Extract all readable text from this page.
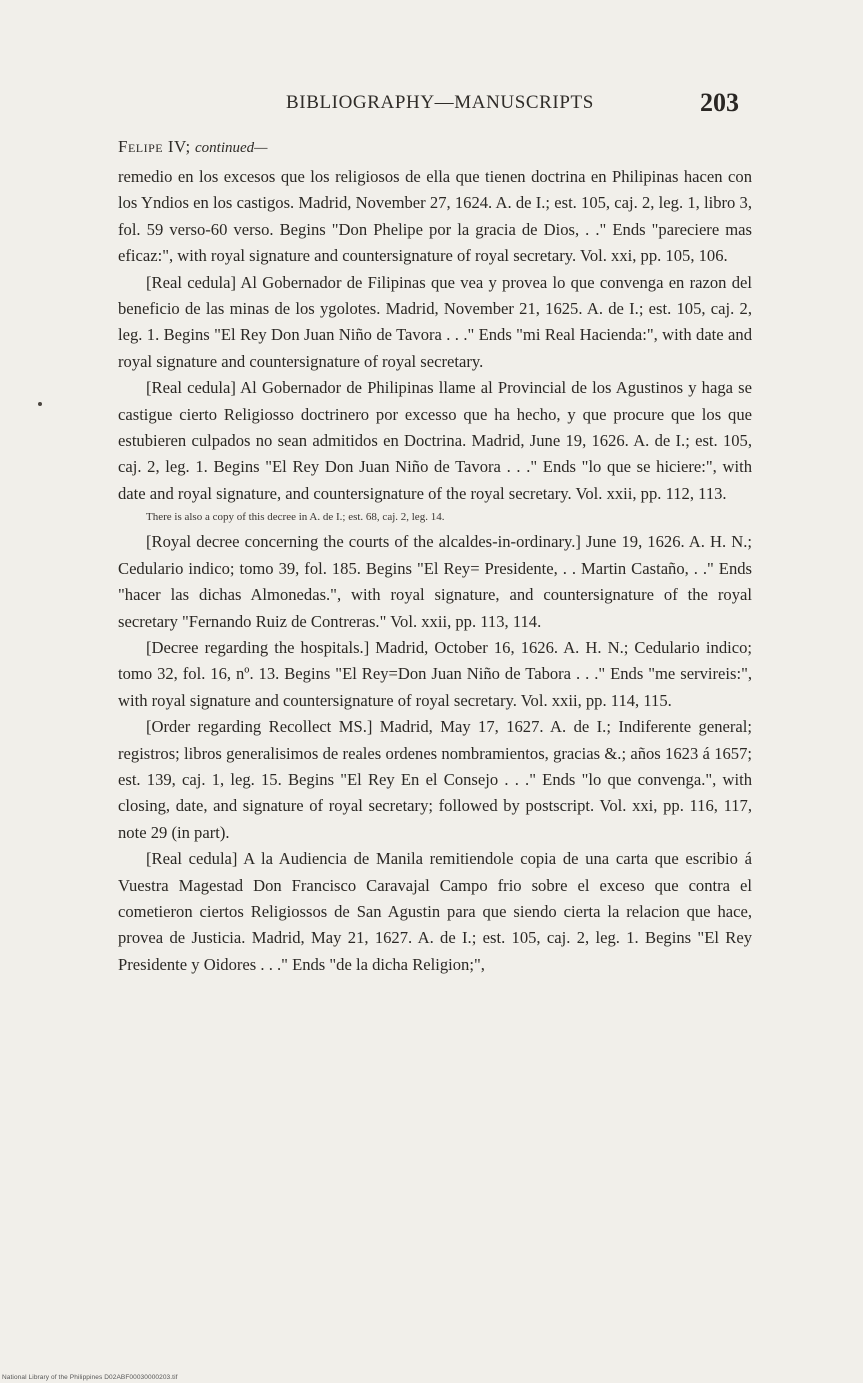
BIBLIOGRAPHY—MANUSCRIPTS	203
Felipe IV; continued—

remedio en los excesos que los religiosos de ella que tienen doctrina en Philipinas hacen con los Yndios en los castigos. Madrid, November 27, 1624. A. de I.; est. 105, caj. 2, leg. 1, libro 3, fol. 59 verso-60 verso. Begins "Don Phelipe por la gracia de Dios, . ." Ends "pareciere mas eficaz:", with royal signature and countersignature of royal secretary. Vol. xxi, pp. 105, 106.

[Real cedula] Al Gobernador de Filipinas que vea y provea lo que convenga en razon del beneficio de las minas de los ygolotes. Madrid, November 21, 1625. A. de I.; est. 105, caj. 2, leg. 1. Begins "El Rey Don Juan Niño de Tavora . . ." Ends "mi Real Hacienda:", with date and royal signature and countersignature of royal secretary.

[Real cedula] Al Gobernador de Philipinas llame al Provincial de los Agustinos y haga se castigue cierto Religiosso doctrinero por excesso que ha hecho, y que procure que los que estubieren culpados no sean admitidos en Doctrina. Madrid, June 19, 1626. A. de I.; est. 105, caj. 2, leg. 1. Begins "El Rey Don Juan Niño de Tavora . . ." Ends "lo que se hiciere:", with date and royal signature, and countersignature of the royal secretary. Vol. xxii, pp. 112, 113.

There is also a copy of this decree in A. de I.; est. 68, caj. 2, leg. 14.

[Royal decree concerning the courts of the alcaldes-in-ordinary.] June 19, 1626. A. H. N.; Cedulario indico; tomo 39, fol. 185. Begins "El Rey= Presidente, . . Martin Castaño, . ." Ends "hacer las dichas Almonedas.", with royal signature, and countersignature of the royal secretary "Fernando Ruiz de Contreras." Vol. xxii, pp. 113, 114.

[Decree regarding the hospitals.] Madrid, October 16, 1626. A. H. N.; Cedulario indico; tomo 32, fol. 16, nº. 13. Begins "El Rey=Don Juan Niño de Tabora . . ." Ends "me servireis:", with royal signature and countersignature of royal secretary. Vol. xxii, pp. 114, 115.

[Order regarding Recollect MS.] Madrid, May 17, 1627. A. de I.; Indiferente general; registros; libros generalisimos de reales ordenes nombramientos, gracias &.; años 1623 á 1657; est. 139, caj. 1, leg. 15. Begins "El Rey En el Consejo . . ." Ends "lo que convenga.", with closing, date, and signature of royal secretary; followed by postscript. Vol. xxi, pp. 116, 117, note 29 (in part).

[Real cedula] A la Audiencia de Manila remitiendole copia de una carta que escribio á Vuestra Magestad Don Francisco Caravajal Campo frio sobre el exceso que contra el cometieron ciertos Religiossos de San Agustin para que siendo cierta la relacion que hace, provea de Justicia. Madrid, May 21, 1627. A. de I.; est. 105, caj. 2, leg. 1. Begins "El Rey Presidente y Oidores . . ." Ends "de la dicha Religion;",

National Library of the Philippines D02ABF00030000203.tif
